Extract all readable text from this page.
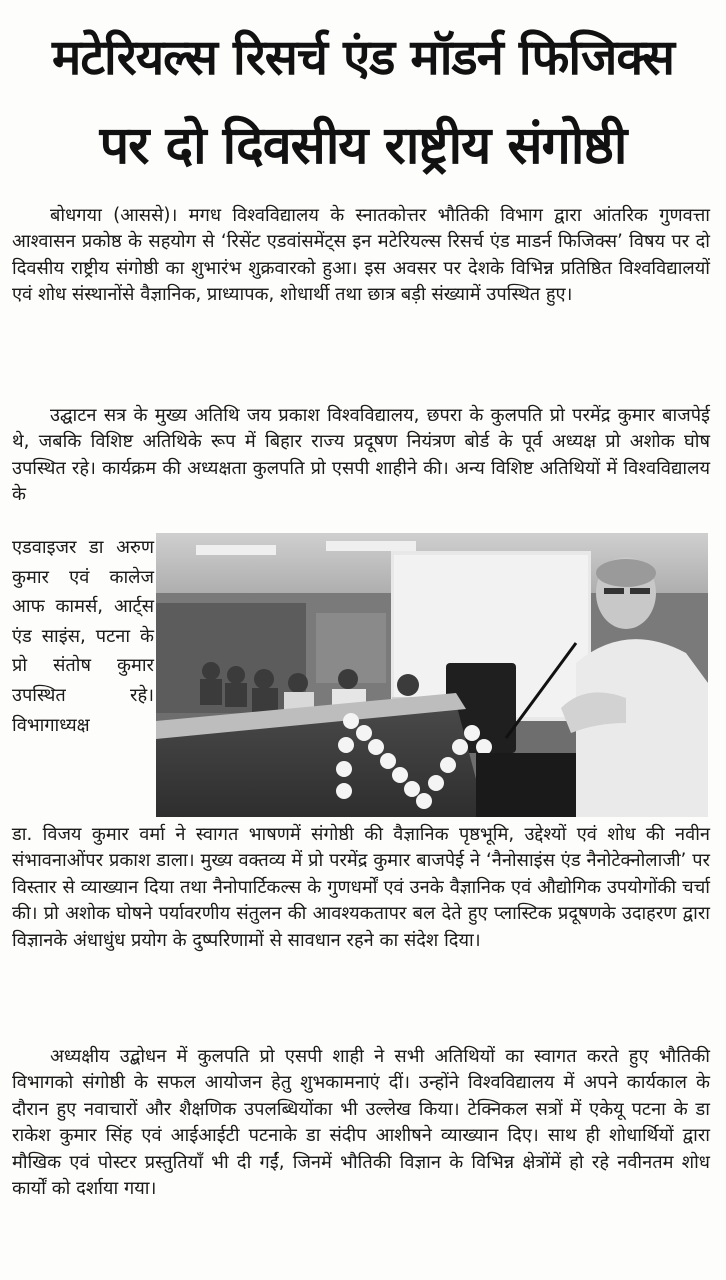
मटेरियल्स रिसर्च एंड मॉडर्न फिजिक्स
पर दो दिवसीय राष्ट्रीय संगोष्ठी

बोधगया (आससे)। मगध विश्वविद्यालय के स्नातकोत्तर भौतिकी विभाग द्वारा आंतरिक गुणवत्ता आश्वासन प्रकोष्ठ के सहयोग से ‘रिसेंट एडवांसमेंट्स इन मटेरियल्स रिसर्च एंड माडर्न फिजिक्स’ विषय पर दो दिवसीय राष्ट्रीय संगोष्ठी का शुभारंभ शुक्रवारको हुआ। इस अवसर पर देशके विभिन्न प्रतिष्ठित विश्वविद्यालयों एवं शोध संस्थानोंसे वैज्ञानिक, प्राध्यापक, शोधार्थी तथा छात्र बड़ी संख्यामें उपस्थित हुए।

उद्घाटन सत्र के मुख्य अतिथि जय प्रकाश विश्वविद्यालय, छपरा के कुलपति प्रो परमेंद्र कुमार बाजपेई थे, जबकि विशिष्ट अतिथिके रूप में बिहार राज्य प्रदूषण नियंत्रण बोर्ड के पूर्व अध्यक्ष प्रो अशोक घोष उपस्थित रहे। कार्यक्रम की अध्यक्षता कुलपति प्रो एसपी शाहीने की। अन्य विशिष्ट अतिथियों में विश्वविद्यालय के

एडवाइजर डा अरुण कुमार एवं कालेज आफ कामर्स, आर्ट्स एंड साइंस, पटना के प्रो संतोष कुमार उपस्थित रहे। विभागाध्यक्ष

डा. विजय कुमार वर्मा ने स्वागत भाषणमें संगोष्ठी की वैज्ञानिक पृष्ठभूमि, उद्देश्यों एवं शोध की नवीन संभावनाओंपर प्रकाश डाला। मुख्य वक्तव्य में प्रो परमेंद्र कुमार बाजपेई ने ‘नैनोसाइंस एंड नैनोटेक्नोलाजी’ पर विस्तार से व्याख्यान दिया तथा नैनोपार्टिकल्स के गुणधर्मों एवं उनके वैज्ञानिक एवं औद्योगिक उपयोगोंकी चर्चा की। प्रो अशोक घोषने पर्यावरणीय संतुलन की आवश्यकतापर बल देते हुए प्लास्टिक प्रदूषणके उदाहरण द्वारा विज्ञानके अंधाधुंध प्रयोग के दुष्परिणामों से सावधान रहने का संदेश दिया।

अध्यक्षीय उद्बोधन में कुलपति प्रो एसपी शाही ने सभी अतिथियों का स्वागत करते हुए भौतिकी विभागको संगोष्ठी के सफल आयोजन हेतु शुभकामनाएं दीं। उन्होंने विश्वविद्यालय में अपने कार्यकाल के दौरान हुए नवाचारों और शैक्षणिक उपलब्धियोंका भी उल्लेख किया। टेक्निकल सत्रों में एकेयू पटना के डा राकेश कुमार सिंह एवं आईआईटी पटनाके डा संदीप आशीषने व्याख्यान दिए। साथ ही शोधार्थियों द्वारा मौखिक एवं पोस्टर प्रस्तुतियाँ भी दी गईं, जिनमें भौतिकी विज्ञान के विभिन्न क्षेत्रोंमें हो रहे नवीनतम शोध कार्यों को दर्शाया गया।
